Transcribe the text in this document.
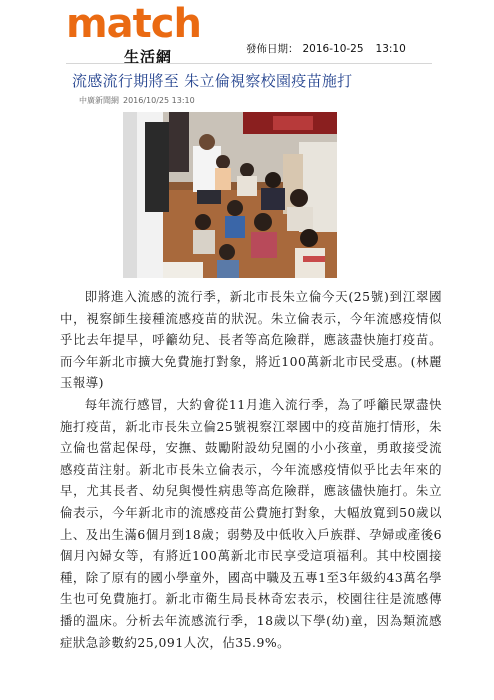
match
生活網	發佈日期： 2016-10-25 13:10
流感流行期將至 朱立倫視察校園疫苗施打
中廣新聞網 2016/10/25 13:10

即將進入流感的流行季，新北市長朱立倫今天(25號)到江翠國中，視察師生接種流感疫苗的狀況。朱立倫表示，今年流感疫情似乎比去年提早，呼籲幼兒、長者等高危險群，應該盡快施打疫苗。而今年新北市擴大免費施打對象，將近100萬新北市民受惠。(林麗玉報導)

每年流行感冒，大約會從11月進入流行季，為了呼籲民眾盡快施打疫苗，新北市長朱立倫25號視察江翠國中的疫苗施打情形，朱立倫也當起保母，安撫、鼓勵附設幼兒園的小小孩童，勇敢接受流感疫苗注射。新北市長朱立倫表示，今年流感疫情似乎比去年來的早，尤其長者、幼兒與慢性病患等高危險群，應該儘快施打。朱立倫表示，今年新北市的流感疫苗公費施打對象，大幅放寬到50歲以上、及出生滿6個月到18歲；弱勢及中低收入戶族群、孕婦或產後6個月內婦女等，有將近100萬新北市民享受這項福利。其中校園接種，除了原有的國小學童外，國高中職及五專1至3年級約43萬名學生也可免費施打。新北市衛生局長林奇宏表示，校園往往是流感傳播的溫床。分析去年流感流行季，18歲以下學(幼)童，因為類流感症狀急診數約25,091人次，佔35.9%。
